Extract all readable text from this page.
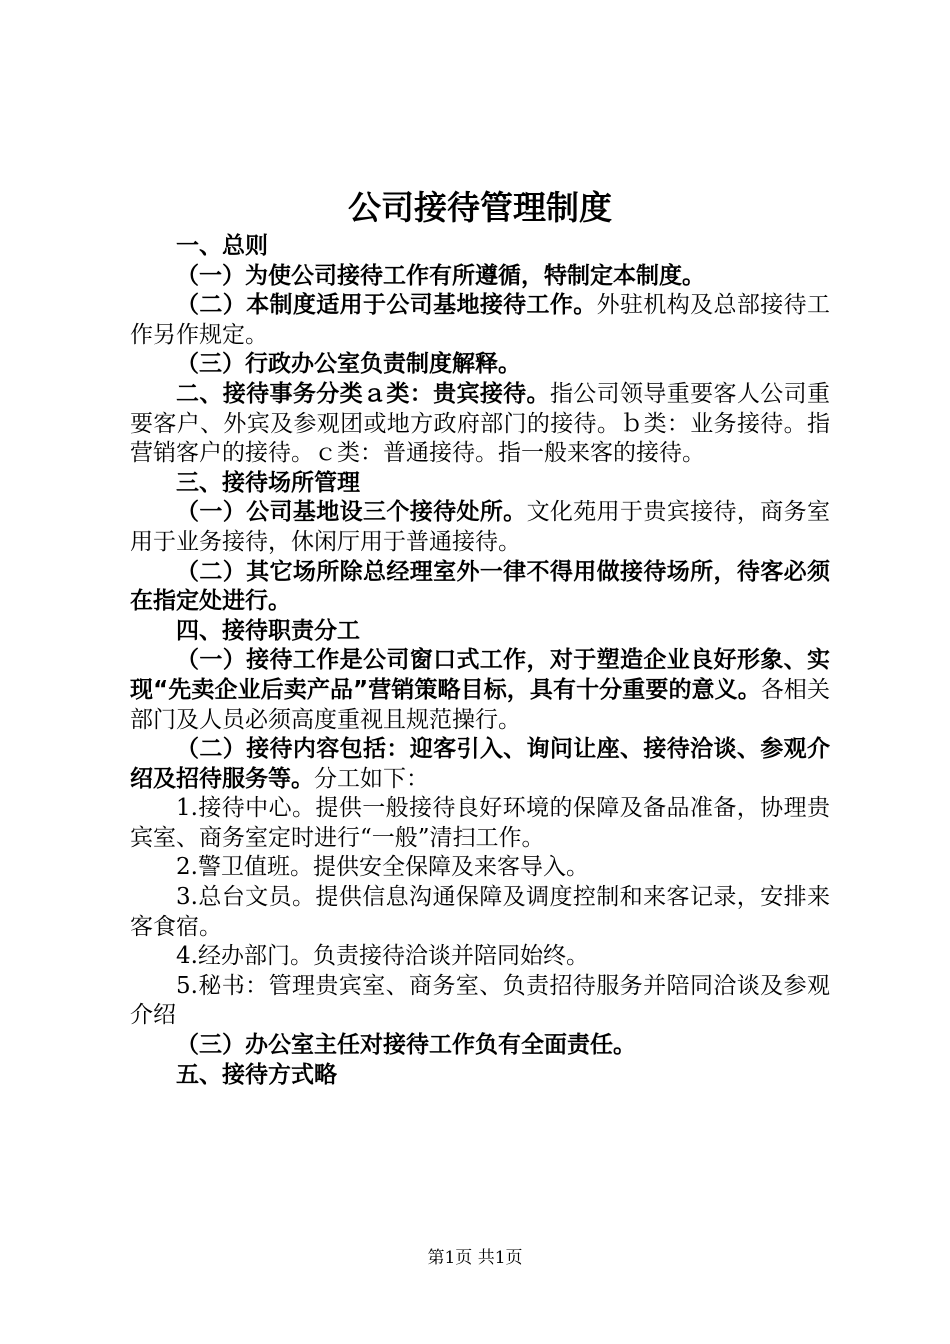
公司接待管理制度

一、总则

（一）为使公司接待工作有所遵循，特制定本制度。

（二）本制度适用于公司基地接待工作。外驻机构及总部接待工作另作规定。

（三）行政办公室负责制度解释。

二、接待事务分类ａ类：贵宾接待。指公司领导重要客人公司重要客户、外宾及参观团或地方政府部门的接待。ｂ类：业务接待。指营销客户的接待。ｃ类：普通接待。指一般来客的接待。

三、接待场所管理

（一）公司基地设三个接待处所。文化苑用于贵宾接待，商务室用于业务接待，休闲厅用于普通接待。

（二）其它场所除总经理室外一律不得用做接待场所，待客必须在指定处进行。

四、接待职责分工

（一）接待工作是公司窗口式工作，对于塑造企业良好形象、实现“先卖企业后卖产品”营销策略目标，具有十分重要的意义。各相关部门及人员必须高度重视且规范操行。

（二）接待内容包括：迎客引入、询问让座、接待洽谈、参观介绍及招待服务等。分工如下：

1.接待中心。提供一般接待良好环境的保障及备品准备，协理贵宾室、商务室定时进行“一般”清扫工作。

2.警卫值班。提供安全保障及来客导入。

3.总台文员。提供信息沟通保障及调度控制和来客记录，安排来客食宿。

4.经办部门。负责接待洽谈并陪同始终。

5.秘书：管理贵宾室、商务室、负责招待服务并陪同洽谈及参观介绍

（三）办公室主任对接待工作负有全面责任。

五、接待方式略

第1页 共1页
